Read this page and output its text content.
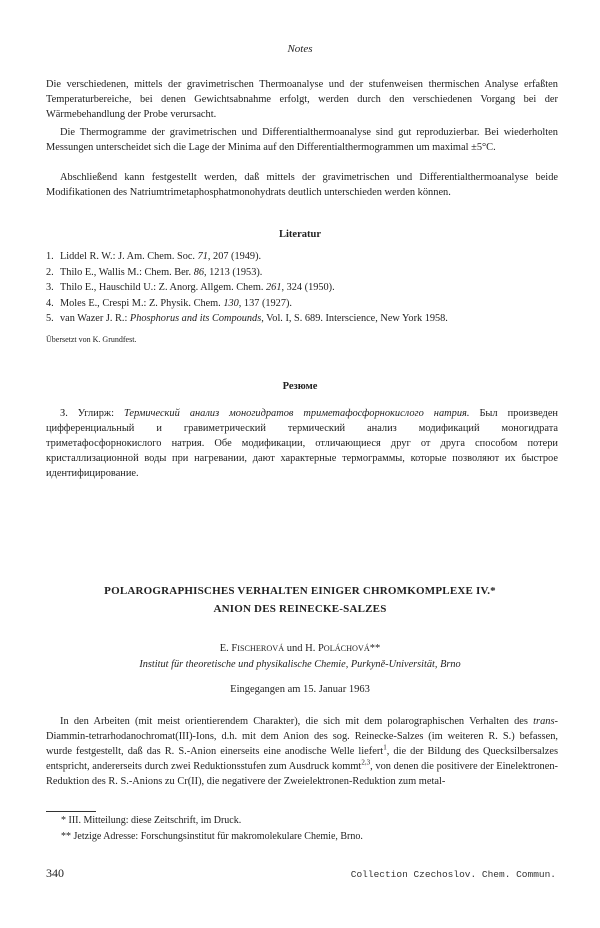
Notes

Die verschiedenen, mittels der gravimetrischen Thermoanalyse und der stufenweisen thermischen Analyse erfaßten Temperaturbereiche, bei denen Gewichtsabnahme erfolgt, werden durch den verschiedenen Vorgang bei der Wärmebehandlung der Probe verursacht.

Die Thermogramme der gravimetrischen und Differentialthermoanalyse sind gut reproduzierbar. Bei wiederholten Messungen unterscheidet sich die Lage der Minima auf den Differentialthermogrammen um maximal ±5°C.

Abschließend kann festgestellt werden, daß mittels der gravimetrischen und Differentialthermoanalyse beide Modifikationen des Natriumtrimetaphosphatmonohydrats deutlich unterschieden werden können.

Literatur
1. Liddel R. W.: J. Am. Chem. Soc. 71, 207 (1949).
2. Thilo E., Wallis M.: Chem. Ber. 86, 1213 (1953).
3. Thilo E., Hauschild U.: Z. Anorg. Allgem. Chem. 261, 324 (1950).
4. Moles E., Crespi M.: Z. Physik. Chem. 130, 137 (1927).
5. van Wazer J. R.: Phosphorus and its Compounds, Vol. I, S. 689. Interscience, New York 1958.
Übersetzt von K. Grundfest.
Резюме

З. Углирж: Термический анализ моногидратов триметафосфорнокислого натрия. Был произведен цифференциальный и гравиметрический термический анализ модификаций моногидрата триметафосфорнокислого натрия. Обе модификации, отличающиеся друг от друга способом потери кристаллизационной воды при нагревании, дают характерные термограммы, которые позволяют их быстрое идентифицирование.

POLAROGRAPHISCHES VERHALTEN EINIGER CHROMKOMPLEXE IV.*
ANION DES REINECKE-SALZES
E. FISCHEROVÁ und H. POLÁCHOVÁ**
Institut für theoretische und physikalische Chemie, Purkyně-Universität, Brno
Eingegangen am 15. Januar 1963

In den Arbeiten (mit meist orientierendem Charakter), die sich mit dem polarographischen Verhalten des trans-Diammin-tetrarhodanochromat(III)-Ions, d.h. mit dem Anion des sog. Reinecke-Salzes (im weiteren R. S.) befassen, wurde festgestellt, daß das R. S.-Anion einerseits eine anodische Welle liefert$^1$, die der Bildung des Quecksilbersalzes entspricht, andererseits durch zwei Reduktionsstufen zum Ausdruck kommt$^{2,3}$, von denen die positivere der Einelektronen-Reduktion des R. S.-Anions zu Cr(II), die negativere der Zweielektronen-Reduktion zum metal-

* III. Mitteilung: diese Zeitschrift, im Druck.
** Jetzige Adresse: Forschungsinstitut für makromolekulare Chemie, Brno.
340	Collection Czechoslov. Chem. Commun.
